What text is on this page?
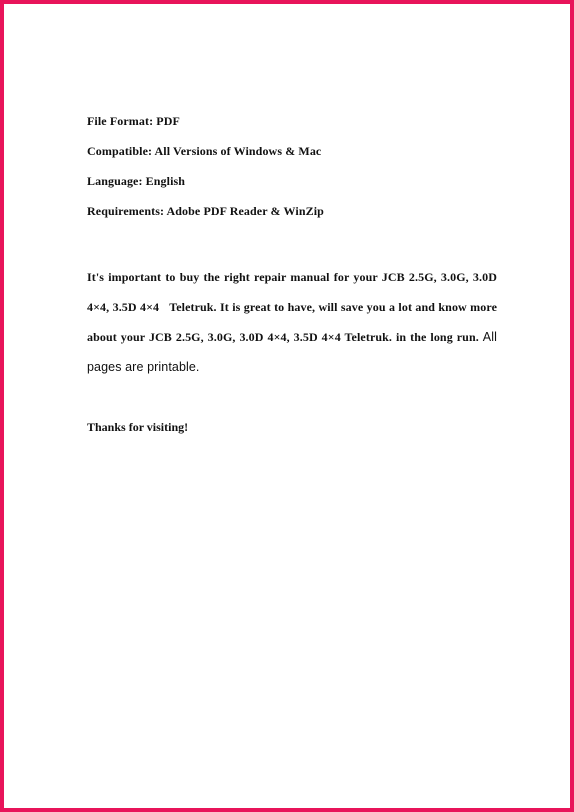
File Format: PDF
Compatible: All Versions of Windows & Mac
Language: English
Requirements: Adobe PDF Reader & WinZip
It's important to buy the right repair manual for your JCB 2.5G, 3.0G, 3.0D 4×4, 3.5D 4×4   Teletruk. It is great to have, will save you a lot and know more about your JCB 2.5G, 3.0G, 3.0D 4×4, 3.5D 4×4 Teletruk. in the long run. All pages are printable.
Thanks for visiting!
